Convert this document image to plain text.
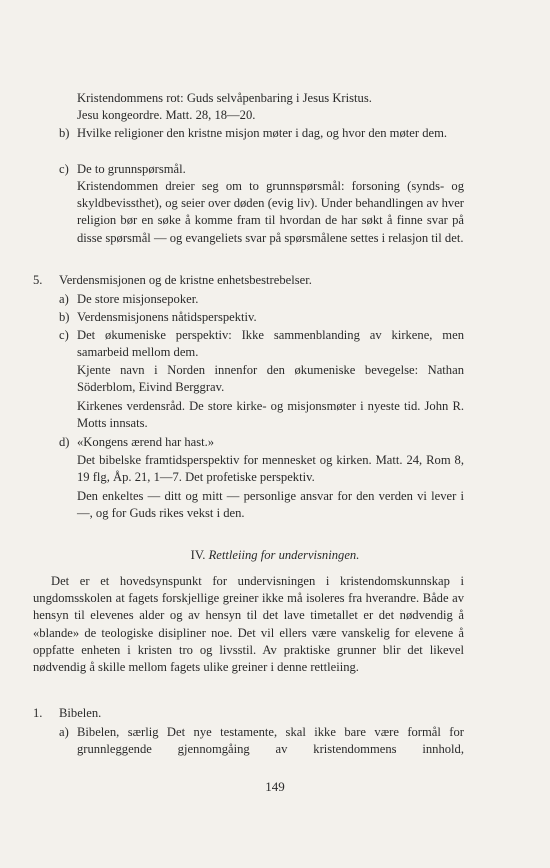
Kristendommens rot: Guds selvåpenbaring i Jesus Kristus.
Jesu kongeordre. Matt. 28, 18—20.
b) Hvilke religioner den kristne misjon møter i dag, og hvor den møter dem.
c) De to grunnspørsmål.
Kristendommen dreier seg om to grunnspørsmål: forsoning (synds- og skyldbevissthet), og seier over døden (evig liv). Under behandlingen av hver religion bør en søke å komme fram til hvordan de har søkt å finne svar på disse spørsmål — og evangeliets svar på spørsmålene settes i relasjon til det.
5. Verdensmisjonen og de kristne enhetsbestrebelser.
a) De store misjonsepoker.
b) Verdensmisjonens nåtidsperspektiv.
c) Det økumeniske perspektiv: Ikke sammenblanding av kirkene, men samarbeid mellom dem.
Kjente navn i Norden innenfor den økumeniske bevegelse: Nathan Söderblom, Eivind Berggrav.
Kirkenes verdensråd. De store kirke- og misjonsmøter i nyeste tid. John R. Motts innsats.
d) «Kongens ærend har hast.»
Det bibelske framtidsperspektiv for mennesket og kirken. Matt. 24, Rom 8, 19 flg, Åp. 21, 1—7. Det profetiske perspektiv.
Den enkeltes — ditt og mitt — personlige ansvar for den verden vi lever i —, og for Guds rikes vekst i den.
IV. Rettleiing for undervisningen.
Det er et hovedsynspunkt for undervisningen i kristendomskunnskap i ungdomsskolen at fagets forskjellige greiner ikke må isoleres fra hverandre. Både av hensyn til elevenes alder og av hensyn til det lave timetallet er det nødvendig å «blande» de teologiske disipliner noe. Det vil ellers være vanskelig for elevene å oppfatte enheten i kristen tro og livsstil. Av praktiske grunner blir det likevel nødvendig å skille mellom fagets ulike greiner i denne rettleiing.
1. Bibelen.
a) Bibelen, særlig Det nye testamente, skal ikke bare være formål for grunnleggende gjennomgåing av kristendommens innhold,
149
